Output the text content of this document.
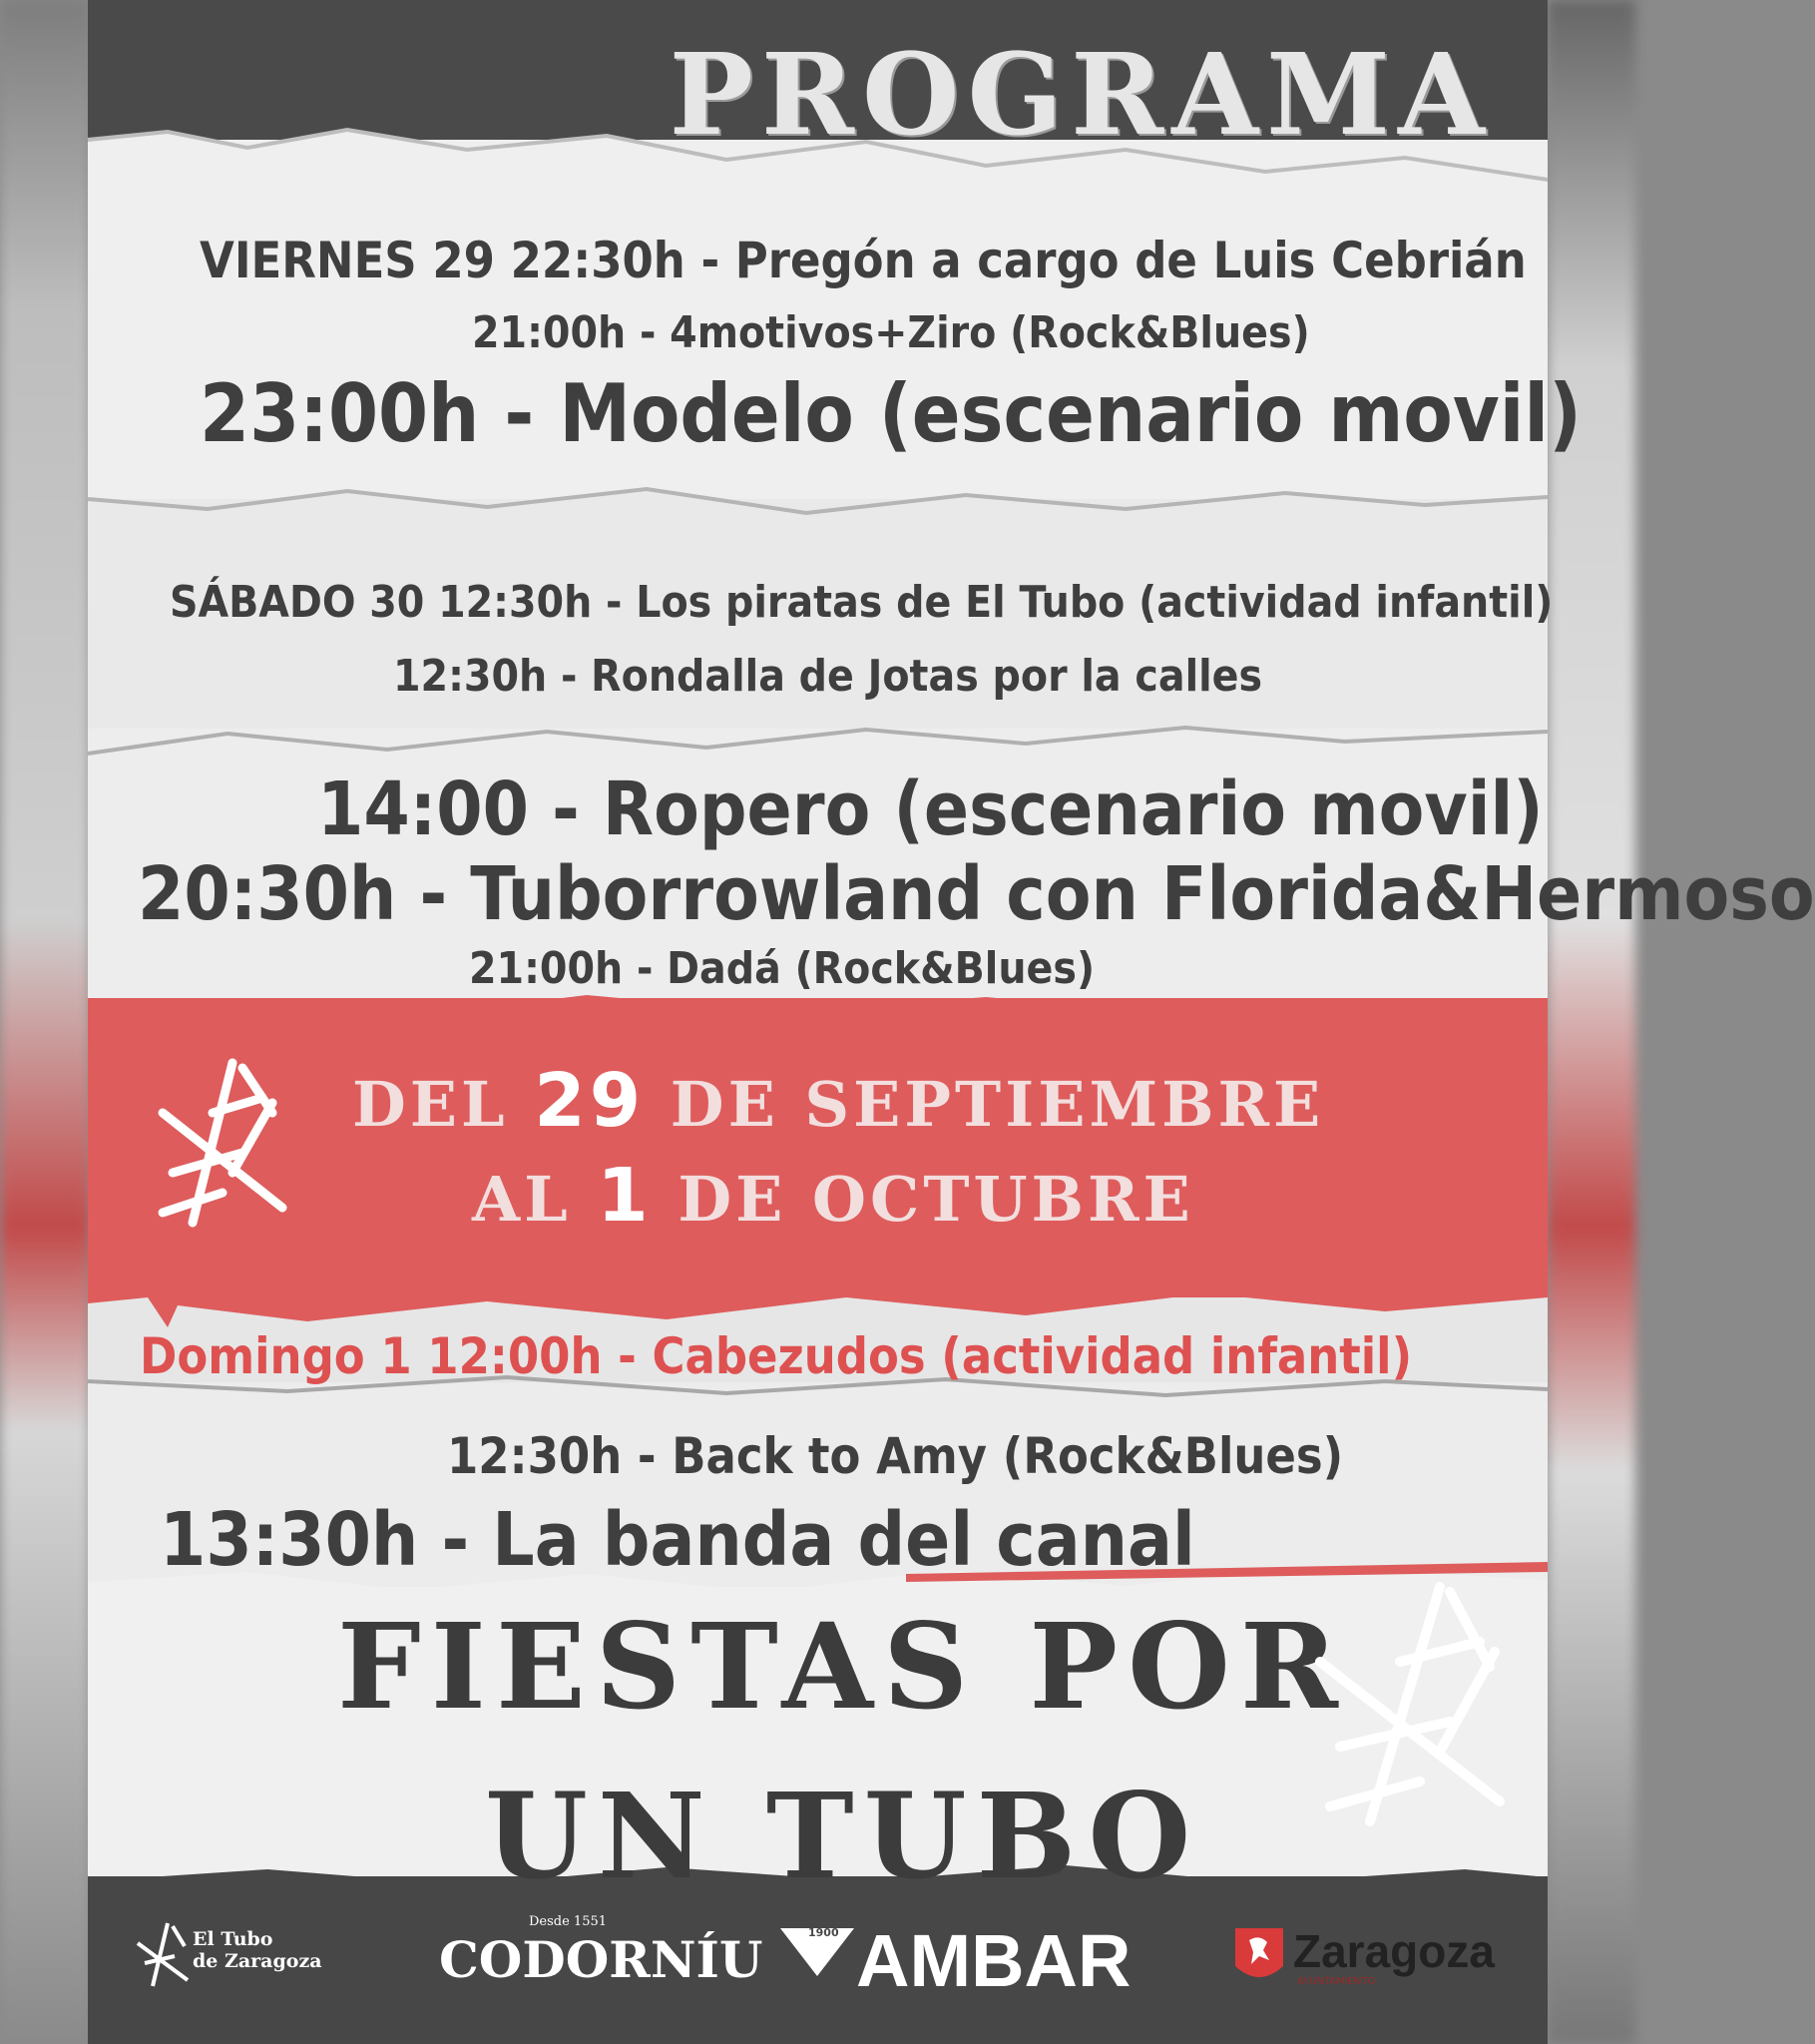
PROGRAMA
VIERNES 29 22:30h - Pregón a cargo de Luis Cebrián
21:00h - 4motivos+Ziro (Rock&Blues)
23:00h - Modelo (escenario movil)
SÁBADO 30 12:30h - Los piratas de El Tubo (actividad infantil)
12:30h - Rondalla de Jotas por la calles
14:00 - Ropero (escenario movil)
20:30h - Tuborrowland con Florida&Hermoso
21:00h - Dadá (Rock&Blues)
DEL 29 DE SEPTIEMBRE
AL 1 DE OCTUBRE
Domingo 1 12:00h - Cabezudos (actividad infantil)
12:30h - Back to Amy (Rock&Blues)
13:30h - La banda del canal
FIESTAS POR
UN TUBO
El Tubo
de Zaragoza
Desde 1551
CODORNÍU	1900 AMBAR	Zaragoza
AYUNTAMIENTO
